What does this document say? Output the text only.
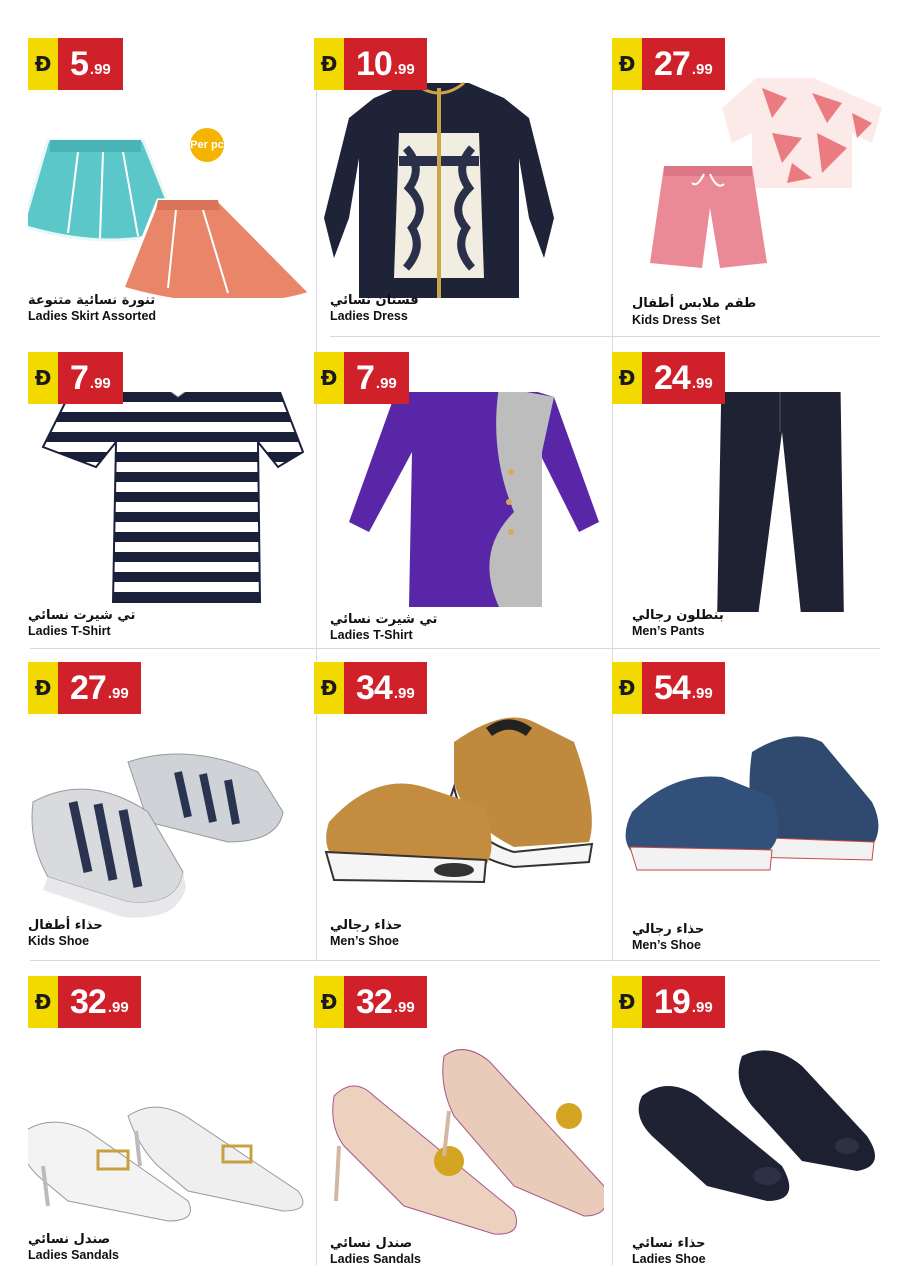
Per pc
Đ 5 .99
تنورة نسائية متنوعة
Ladies Skirt Assorted
Đ 10 .99
فستان نسائي
Ladies Dress
Đ 27 .99
طقم ملابس أطفال
Kids Dress Set
Đ 7 .99
تي شيرت نسائي
Ladies T-Shirt
Đ 7 .99
تي شيرت نسائي
Ladies T-Shirt
Đ 24 .99
بنطلون رجالي
Men’s Pants
Đ 27 .99
حذاء أطفال
Kids Shoe
Đ 34 .99
حذاء رجالي
Men’s Shoe
Đ 54 .99
حذاء رجالي
Men’s Shoe
Đ 32 .99
صندل نسائي
Ladies Sandals
Đ 32 .99
صندل نسائي
Ladies Sandals
Đ 19 .99
حذاء نسائي
Ladies Shoe
